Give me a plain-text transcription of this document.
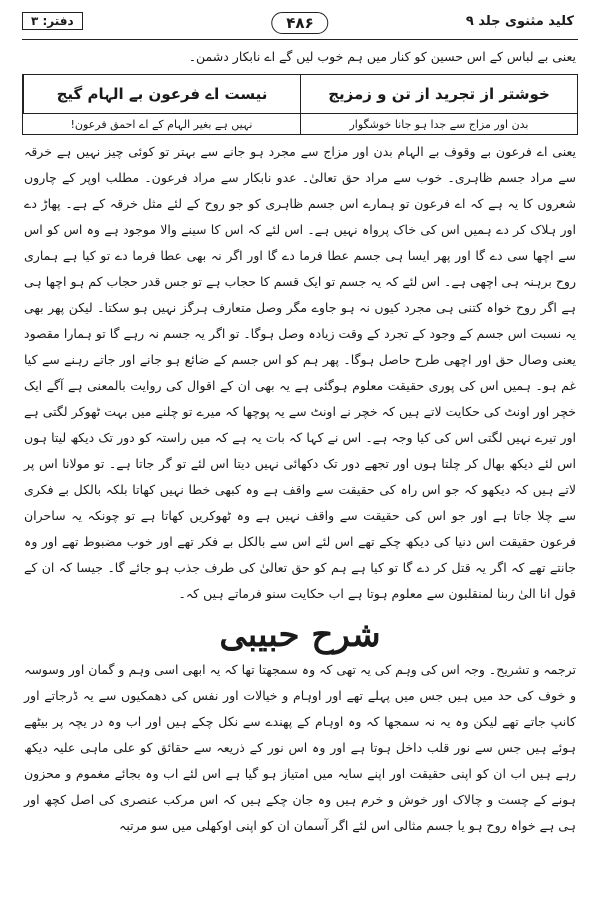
کلید مثنوی جلد ۹
۴۸۶
دفتر: ۳

یعنی بے لباس کے اس حسین کو کنار میں ہم خوب لیں گے اے نابکار دشمن۔

خوشتر از تجرید از تن و زمزیج
نیست اے فرعون بے الہام گیج
بدن اور مزاج سے جدا ہو جانا خوشگوار
نہیں ہے بغیر الہام کے اے احمق فرعون!

یعنی اے فرعون بے وقوف بے الہام بدن اور مزاج سے مجرد ہو جانے سے بہتر تو کوئی چیز نہیں ہے خرقہ سے مراد جسم ظاہری۔ خوب سے مراد حق تعالیٰ۔ عدو نابکار سے مراد فرعون۔ مطلب اوپر کے چاروں شعروں کا یہ ہے کہ اے فرعون تو ہمارے اس جسم ظاہری کو جو روح کے لئے مثل خرقہ کے ہے۔ پھاڑ دے اور ہلاک کر دے ہمیں اس کی خاک پرواہ نہیں ہے۔ اس لئے کہ اس کا سینے والا موجود ہے وہ اس کو اس سے اچھا سی دے گا اور پھر ایسا ہی جسم عطا فرما دے گا اور اگر نہ بھی عطا فرما دے تو کیا ہے ہماری روح برہنہ ہی اچھی ہے۔ اس لئے کہ یہ جسم تو ایک قسم کا حجاب ہے تو جس قدر حجاب کم ہو اچھا ہی ہے اگر روح خواہ کتنی ہی مجرد کیوں نہ ہو جاوے مگر وصل متعارف ہرگز نہیں ہو سکتا۔ لیکن پھر بھی یہ نسبت اس جسم کے وجود کے تجرد کے وقت زیادہ وصل ہوگا۔ تو اگر یہ جسم نہ رہے گا تو ہمارا مقصود یعنی وصال حق اور اچھی طرح حاصل ہوگا۔ پھر ہم کو اس جسم کے ضائع ہو جانے اور جاتے رہنے سے کیا غم ہو۔ ہمیں اس کی پوری حقیقت معلوم ہوگئی ہے یہ بھی ان کے اقوال کی روایت بالمعنی ہے آگے ایک خچر اور اونٹ کی حکایت لاتے ہیں کہ خچر نے اونٹ سے یہ پوچھا کہ میرے تو چلنے میں بہت ٹھوکر لگتی ہے اور تیرے نہیں لگتی اس کی کیا وجہ ہے۔ اس نے کہا کہ بات یہ ہے کہ میں راستہ کو دور تک دیکھ لیتا ہوں اس لئے دیکھ بھال کر چلتا ہوں اور تجھے دور تک دکھائی نہیں دیتا اس لئے تو گر جاتا ہے۔ تو مولانا اس پر لاتے ہیں کہ دیکھو کہ جو اس راہ کی حقیقت سے واقف ہے وہ کبھی خطا نہیں کھاتا بلکہ بالکل بے فکری سے چلا جاتا ہے اور جو اس کی حقیقت سے واقف نہیں ہے وہ ٹھوکریں کھاتا ہے تو چونکہ یہ ساحران فرعون حقیقت اس دنیا کی دیکھ چکے تھے اس لئے اس سے بالکل بے فکر تھے اور خوب مضبوط تھے اور وہ جانتے تھے کہ اگر یہ قتل کر دے گا تو کیا ہے ہم کو حق تعالیٰ کی طرف جذب ہو جائے گا۔ جیسا کہ ان کے قول انا الیٰ ربنا لمنقلبون سے معلوم ہوتا ہے اب حکایت سنو فرماتے ہیں کہ۔

شرح حبیبی

ترجمہ و تشریح۔ وجہ اس کی وہم کی یہ تھی کہ وہ سمجھتا تھا کہ یہ ابھی اسی وہم و گمان اور وسوسہ و خوف کی حد میں ہیں جس میں پہلے تھے اور اوہام و خیالات اور نفس کی دھمکیوں سے یہ ڈرجاتے اور کانپ جاتے تھے لیکن وہ یہ نہ سمجھا کہ وہ اوہام کے پھندے سے نکل چکے ہیں اور اب وہ در یچہ پر بیٹھے ہوئے ہیں جس سے نور قلب داخل ہوتا ہے اور وہ اس نور کے ذریعہ سے حقائق کو علی ماہی علیہ دیکھ رہے ہیں اب ان کو اپنی حقیقت اور اپنے سایہ میں امتیاز ہو گیا ہے اس لئے اب وہ بجائے مغموم و محزون ہونے کے چست و چالاک اور خوش و خرم ہیں وہ جان چکے ہیں کہ اس مرکب عنصری کی اصل کچھ اور ہی ہے خواہ روح ہو یا جسم مثالی اس لئے اگر آسمان ان کو اپنی اوکھلی میں سو مرتبہ
